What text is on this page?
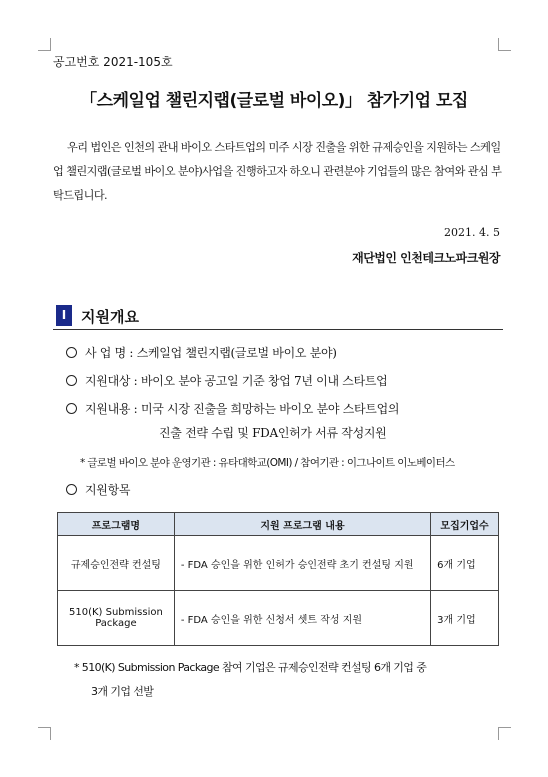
공고번호 2021-105호
「스케일업 챌린지랩(글로벌 바이오)」 참가기업 모집
우리 법인은 인천의 관내 바이오 스타트업의 미주 시장 진출을 위한 규제승인을 지원하는 스케일업 챌린지랩(글로벌 바이오 분야)사업을 진행하고자 하오니 관련분야 기업들의 많은 참여와 관심 부탁드립니다.
2021. 4. 5
재단법인 인천테크노파크원장
Ⅰ 지원개요
사 업 명 : 스케일업 챌린지랩(글로벌 바이오 분야)
지원대상 : 바이오 분야 공고일 기준 창업 7년 이내 스타트업
지원내용 : 미국 시장 진출을 희망하는 바이오 분야 스타트업의
진출 전략 수립 및 FDA인허가 서류 작성지원
* 글로벌 바이오 분야 운영기관 : 유타대학교(OMI) / 참여기관 : 이그나이트 이노베이터스
지원항목
프로그램명	지원 프로그램 내용	모집기업수
규제승인전략 컨설팅	- FDA 승인을 위한 인허가 승인전략 초기 컨설팅 지원	6개 기업

510(K) Submission
Package	- FDA 승인을 위한 신청서 셋트 작성 지원	3개 기업
* 510(K) Submission Package 참여 기업은 규제승인전략 컨설팅 6개 기업 중
3개 기업 선발
